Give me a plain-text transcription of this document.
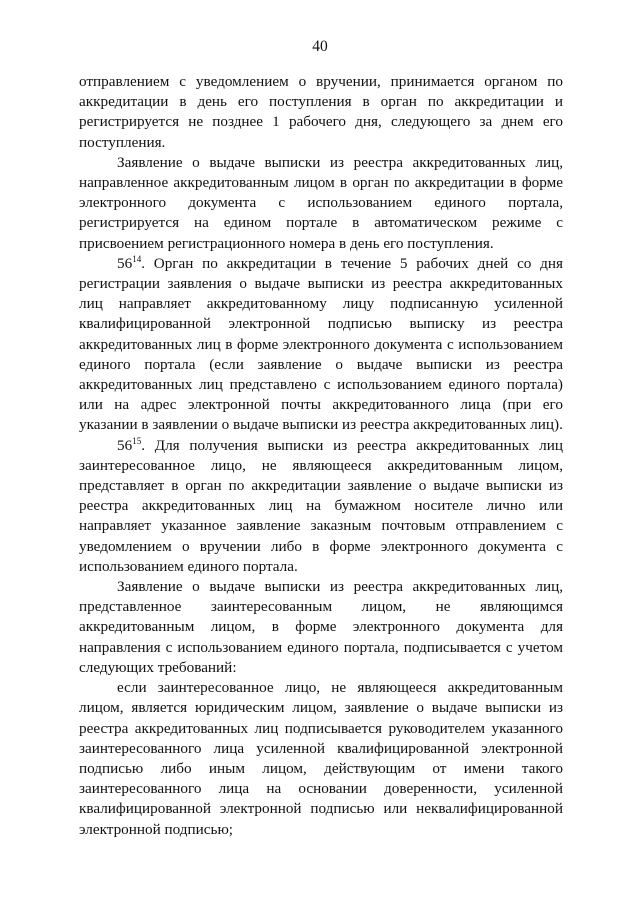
40

отправлением с уведомлением о вручении, принимается органом по аккредитации в день его поступления в орган по аккредитации и регистрируется не позднее 1 рабочего дня, следующего за днем его поступления.

Заявление о выдаче выписки из реестра аккредитованных лиц, направленное аккредитованным лицом в орган по аккредитации в форме электронного документа с использованием единого портала, регистрируется на едином портале в автоматическом режиме с присвоением регистрационного номера в день его поступления.

$56^{14}$. Орган по аккредитации в течение 5 рабочих дней со дня регистрации заявления о выдаче выписки из реестра аккредитованных лиц направляет аккредитованному лицу подписанную усиленной квалифицированной электронной подписью выписку из реестра аккредитованных лиц в форме электронного документа с использованием единого портала (если заявление о выдаче выписки из реестра аккредитованных лиц представлено с использованием единого портала) или на адрес электронной почты аккредитованного лица (при его указании в заявлении о выдаче выписки из реестра аккредитованных лиц).

$56^{15}$. Для получения выписки из реестра аккредитованных лиц заинтересованное лицо, не являющееся аккредитованным лицом, представляет в орган по аккредитации заявление о выдаче выписки из реестра аккредитованных лиц на бумажном носителе лично или направляет указанное заявление заказным почтовым отправлением с уведомлением о вручении либо в форме электронного документа с использованием единого портала.

Заявление о выдаче выписки из реестра аккредитованных лиц, представленное заинтересованным лицом, не являющимся аккредитованным лицом, в форме электронного документа для направления с использованием единого портала, подписывается с учетом следующих требований:

если заинтересованное лицо, не являющееся аккредитованным лицом, является юридическим лицом, заявление о выдаче выписки из реестра аккредитованных лиц подписывается руководителем указанного заинтересованного лица усиленной квалифицированной электронной подписью либо иным лицом, действующим от имени такого заинтересованного лица на основании доверенности, усиленной квалифицированной электронной подписью или неквалифицированной электронной подписью;
